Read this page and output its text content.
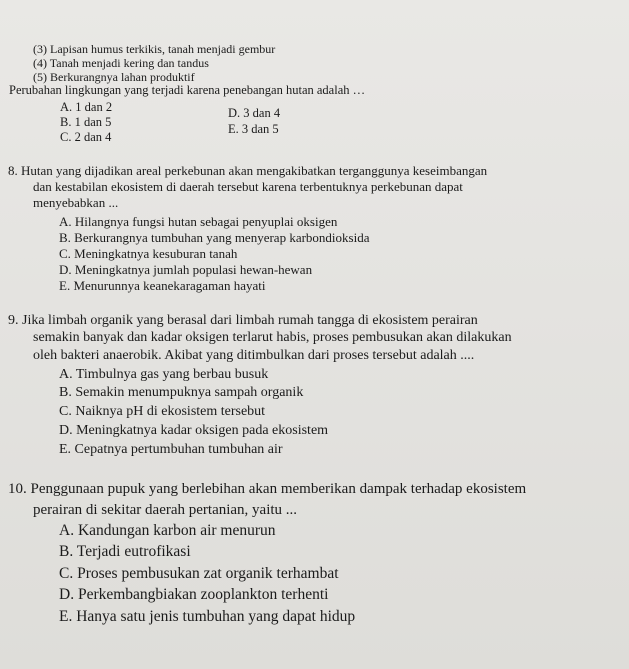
(3) Lapisan humus terkikis, tanah menjadi gembur
(4) Tanah menjadi kering dan tandus
(5) Berkurangnya lahan produktif
Perubahan lingkungan yang terjadi karena penebangan hutan adalah …
A. 1 dan 2
B. 1 dan 5
C. 2 dan 4
D. 3 dan 4
E. 3 dan 5
8. Hutan yang dijadikan areal perkebunan akan mengakibatkan terganggunya keseimbangan
dan kestabilan ekosistem di daerah tersebut karena terbentuknya perkebunan dapat
menyebabkan ...
A. Hilangnya fungsi hutan sebagai penyuplai oksigen
B. Berkurangnya tumbuhan yang menyerap karbondioksida
C. Meningkatnya kesuburan tanah
D. Meningkatnya jumlah populasi hewan-hewan
E. Menurunnya keanekaragaman hayati
9. Jika limbah organik yang berasal dari limbah rumah tangga di ekosistem perairan
semakin banyak dan kadar oksigen terlarut habis, proses pembusukan akan dilakukan
oleh bakteri anaerobik. Akibat yang ditimbulkan dari proses tersebut adalah ....
A. Timbulnya gas yang berbau busuk
B. Semakin menumpuknya sampah organik
C. Naiknya pH di ekosistem tersebut
D. Meningkatnya kadar oksigen pada ekosistem
E. Cepatnya pertumbuhan tumbuhan air
10. Penggunaan pupuk yang berlebihan akan memberikan dampak terhadap ekosistem
perairan di sekitar daerah pertanian, yaitu ...
A. Kandungan karbon air menurun
B. Terjadi eutrofikasi
C. Proses pembusukan zat organik terhambat
D. Perkembangbiakan zooplankton terhenti
E. Hanya satu jenis tumbuhan yang dapat hidup
